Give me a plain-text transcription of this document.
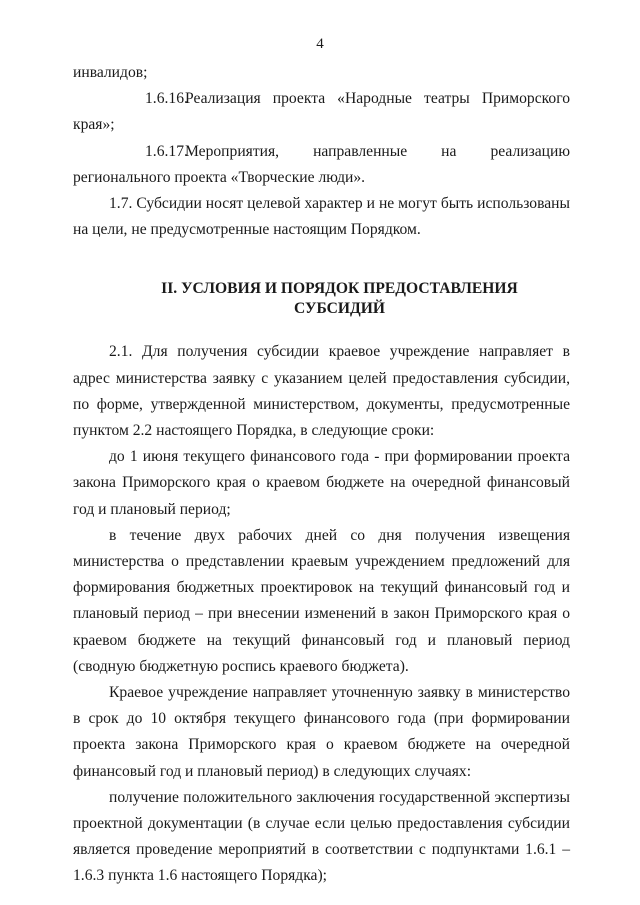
4

инвалидов;

1.6.16.Реализация проекта «Народные театры Приморского края»;

1.6.17.Мероприятия, направленные на реализацию регионального проекта «Творческие люди».

1.7. Субсидии носят целевой характер и не могут быть использованы на цели, не предусмотренные настоящим Порядком.

II. УСЛОВИЯ И ПОРЯДОК ПРЕДОСТАВЛЕНИЯ
СУБСИДИЙ

2.1. Для получения субсидии краевое учреждение направляет в адрес министерства заявку с указанием целей предоставления субсидии, по форме, утвержденной министерством, документы, предусмотренные пунктом 2.2 настоящего Порядка, в следующие сроки:

до 1 июня текущего финансового года - при формировании проекта закона Приморского края о краевом бюджете на очередной финансовый год и плановый период;

в течение двух рабочих дней со дня получения извещения министерства о представлении краевым учреждением предложений для формирования бюджетных проектировок на текущий финансовый год и плановый период – при внесении изменений в закон Приморского края о краевом бюджете на текущий финансовый год и плановый период (сводную бюджетную роспись краевого бюджета).

Краевое учреждение направляет уточненную заявку в министерство в срок до 10 октября текущего финансового года (при формировании проекта закона Приморского края о краевом бюджете на очередной финансовый год и плановый период) в следующих случаях:

получение положительного заключения государственной экспертизы проектной документации (в случае если целью предоставления субсидии является проведение мероприятий в соответствии с подпунктами 1.6.1 – 1.6.3 пункта 1.6 настоящего Порядка);
